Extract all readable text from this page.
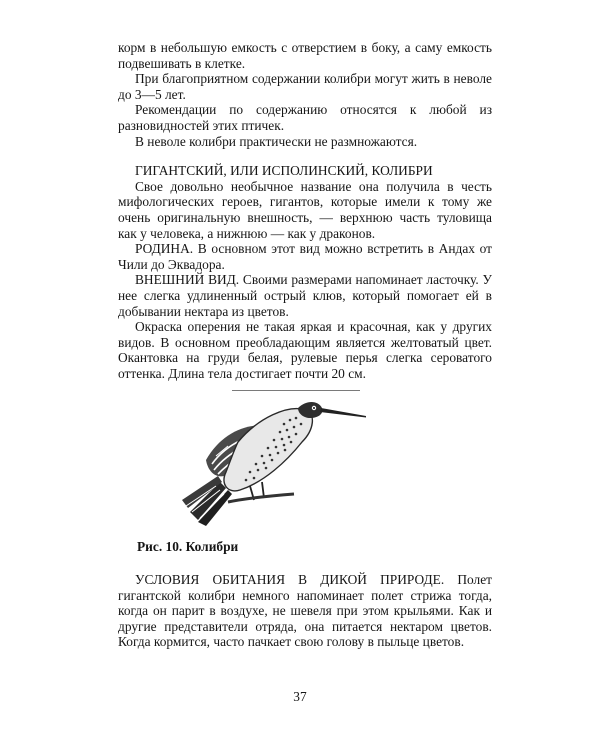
корм в небольшую емкость с отверстием в боку, а саму емкость подвешивать в клетке.

При благоприятном содержании колибри могут жить в неволе до 3—5 лет.

Рекомендации по содержанию относятся к любой из разновидностей этих птичек.

В неволе колибри практически не размножаются.

ГИГАНТСКИЙ, ИЛИ ИСПОЛИНСКИЙ, КОЛИБРИ

Свое довольно необычное название она получила в честь мифологических героев, гигантов, которые имели к тому же очень оригинальную внешность, — верхнюю часть туловища как у человека, а нижнюю — как у драконов.

РОДИНА. В основном этот вид можно встретить в Андах от Чили до Эквадора.

ВНЕШНИЙ ВИД. Своими размерами напоминает ласточку. У нее слегка удлиненный острый клюв, который помогает ей в добывании нектара из цветов.

Окраска оперения не такая яркая и красочная, как у других видов. В основном преобладающим является желтоватый цвет. Окантовка на груди белая, рулевые перья слегка сероватого оттенка. Длина тела достигает почти 20 см.

Рис. 10. Колибри

УСЛОВИЯ ОБИТАНИЯ В ДИКОЙ ПРИРОДЕ. Полет гигантской колибри немного напоминает полет стрижа тогда, когда он парит в воздухе, не шевеля при этом крыльями. Как и другие представители отряда, она питается нектаром цветов. Когда кормится, часто пачкает свою голову в пыльце цветов.

37
